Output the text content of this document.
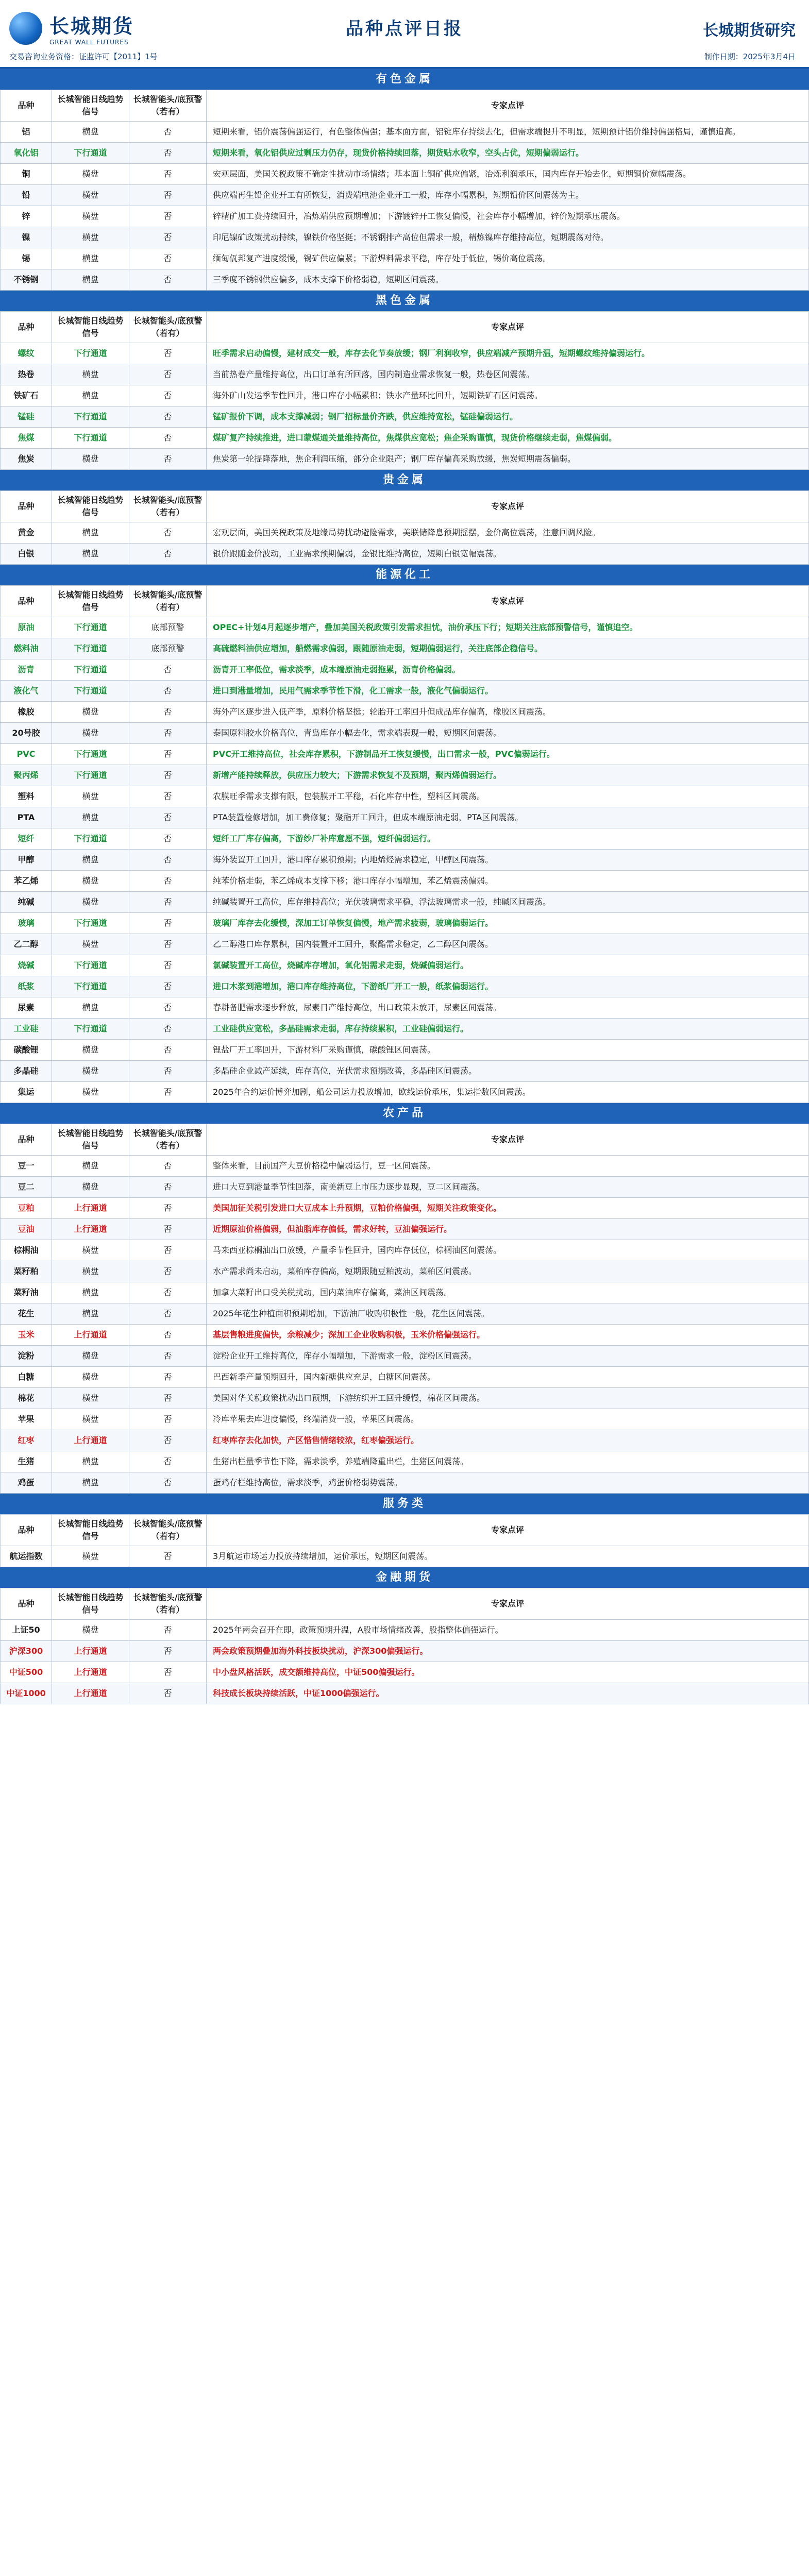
长城期货
GREAT WALL FUTURES
品种点评日报	长城期货研究
交易咨询业务资格：证监许可【2011】1号	制作日期：2025年3月4日
有色金属
品种	长城智能日线趋势信号	长城智能头/底预警（若有）	专家点评
铝	横盘	否	短期来看，铝价震荡偏强运行，有色整体偏强；基本面方面，铝锭库存持续去化，但需求端提升不明显，短期预计铝价维持偏强格局，谨慎追高。
氧化铝	下行通道	否	短期来看，氧化铝供应过剩压力仍存，现货价格持续回落，期货贴水收窄，空头占优，短期偏弱运行。
铜	横盘	否	宏观层面，美国关税政策不确定性扰动市场情绪；基本面上铜矿供应偏紧，冶炼利润承压，国内库存开始去化，短期铜价宽幅震荡。
铅	横盘	否	供应端再生铅企业开工有所恢复，消费端电池企业开工一般，库存小幅累积，短期铅价区间震荡为主。
锌	横盘	否	锌精矿加工费持续回升，冶炼端供应预期增加；下游镀锌开工恢复偏慢，社会库存小幅增加，锌价短期承压震荡。
镍	横盘	否	印尼镍矿政策扰动持续，镍铁价格坚挺；不锈钢排产高位但需求一般，精炼镍库存维持高位，短期震荡对待。
锡	横盘	否	缅甸佤邦复产进度缓慢，锡矿供应偏紧；下游焊料需求平稳，库存处于低位，锡价高位震荡。
不锈钢	横盘	否	三季度不锈钢供应偏多，成本支撑下价格弱稳，短期区间震荡。
黑色金属
品种	长城智能日线趋势信号	长城智能头/底预警（若有）	专家点评
螺纹	下行通道	否	旺季需求启动偏慢，建材成交一般，库存去化节奏放缓；钢厂利润收窄，供应端减产预期升温，短期螺纹维持偏弱运行。
热卷	横盘	否	当前热卷产量维持高位，出口订单有所回落，国内制造业需求恢复一般，热卷区间震荡。
铁矿石	横盘	否	海外矿山发运季节性回升，港口库存小幅累积；铁水产量环比回升，短期铁矿石区间震荡。
锰硅	下行通道	否	锰矿报价下调，成本支撑减弱；钢厂招标量价齐跌，供应维持宽松，锰硅偏弱运行。
焦煤	下行通道	否	煤矿复产持续推进，进口蒙煤通关量维持高位，焦煤供应宽松；焦企采购谨慎，现货价格继续走弱，焦煤偏弱。
焦炭	横盘	否	焦炭第一轮提降落地，焦企利润压缩，部分企业限产；钢厂库存偏高采购放缓，焦炭短期震荡偏弱。
贵金属
品种	长城智能日线趋势信号	长城智能头/底预警（若有）	专家点评
黄金	横盘	否	宏观层面，美国关税政策及地缘局势扰动避险需求，美联储降息预期摇摆，金价高位震荡，注意回调风险。
白银	横盘	否	银价跟随金价波动，工业需求预期偏弱，金银比维持高位，短期白银宽幅震荡。
能源化工
品种	长城智能日线趋势信号	长城智能头/底预警（若有）	专家点评
原油	下行通道	底部预警	OPEC+计划4月起逐步增产，叠加美国关税政策引发需求担忧，油价承压下行；短期关注底部预警信号，谨慎追空。
燃料油	下行通道	底部预警	高硫燃料油供应增加，船燃需求偏弱，跟随原油走弱，短期偏弱运行，关注底部企稳信号。
沥青	下行通道	否	沥青开工率低位，需求淡季，成本端原油走弱拖累，沥青价格偏弱。
液化气	下行通道	否	进口到港量增加，民用气需求季节性下滑，化工需求一般，液化气偏弱运行。
橡胶	横盘	否	海外产区逐步进入低产季，原料价格坚挺；轮胎开工率回升但成品库存偏高，橡胶区间震荡。
20号胶	横盘	否	泰国原料胶水价格高位，青岛库存小幅去化，需求端表现一般，短期区间震荡。
PVC	下行通道	否	PVC开工维持高位，社会库存累积，下游制品开工恢复缓慢，出口需求一般，PVC偏弱运行。
聚丙烯	下行通道	否	新增产能持续释放，供应压力较大；下游需求恢复不及预期，聚丙烯偏弱运行。
塑料	横盘	否	农膜旺季需求支撑有限，包装膜开工平稳，石化库存中性，塑料区间震荡。
PTA	横盘	否	PTA装置检修增加，加工费修复；聚酯开工回升，但成本端原油走弱，PTA区间震荡。
短纤	下行通道	否	短纤工厂库存偏高，下游纱厂补库意愿不强，短纤偏弱运行。
甲醇	横盘	否	海外装置开工回升，港口库存累积预期；内地烯烃需求稳定，甲醇区间震荡。
苯乙烯	横盘	否	纯苯价格走弱，苯乙烯成本支撑下移；港口库存小幅增加，苯乙烯震荡偏弱。
纯碱	横盘	否	纯碱装置开工高位，库存维持高位；光伏玻璃需求平稳，浮法玻璃需求一般，纯碱区间震荡。
玻璃	下行通道	否	玻璃厂库存去化缓慢，深加工订单恢复偏慢，地产需求疲弱，玻璃偏弱运行。
乙二醇	横盘	否	乙二醇港口库存累积，国内装置开工回升，聚酯需求稳定，乙二醇区间震荡。
烧碱	下行通道	否	氯碱装置开工高位，烧碱库存增加，氧化铝需求走弱，烧碱偏弱运行。
纸浆	下行通道	否	进口木浆到港增加，港口库存维持高位，下游纸厂开工一般，纸浆偏弱运行。
尿素	横盘	否	春耕备肥需求逐步释放，尿素日产维持高位，出口政策未放开，尿素区间震荡。
工业硅	下行通道	否	工业硅供应宽松，多晶硅需求走弱，库存持续累积，工业硅偏弱运行。
碳酸锂	横盘	否	锂盐厂开工率回升，下游材料厂采购谨慎，碳酸锂区间震荡。
多晶硅	横盘	否	多晶硅企业减产延续，库存高位，光伏需求预期改善，多晶硅区间震荡。
集运	横盘	否	2025年合约运价博弈加剧，船公司运力投放增加，欧线运价承压，集运指数区间震荡。
农产品
品种	长城智能日线趋势信号	长城智能头/底预警（若有）	专家点评
豆一	横盘	否	整体来看，目前国产大豆价格稳中偏弱运行，豆一区间震荡。
豆二	横盘	否	进口大豆到港量季节性回落，南美新豆上市压力逐步显现，豆二区间震荡。
豆粕	上行通道	否	美国加征关税引发进口大豆成本上升预期，豆粕价格偏强，短期关注政策变化。
豆油	上行通道	否	近期原油价格偏弱，但油脂库存偏低，需求好转，豆油偏强运行。
棕榈油	横盘	否	马来西亚棕榈油出口放缓，产量季节性回升，国内库存低位，棕榈油区间震荡。
菜籽粕	横盘	否	水产需求尚未启动，菜粕库存偏高，短期跟随豆粕波动，菜粕区间震荡。
菜籽油	横盘	否	加拿大菜籽出口受关税扰动，国内菜油库存偏高，菜油区间震荡。
花生	横盘	否	2025年花生种植面积预期增加，下游油厂收购积极性一般，花生区间震荡。
玉米	上行通道	否	基层售粮进度偏快，余粮减少；深加工企业收购积极，玉米价格偏强运行。
淀粉	横盘	否	淀粉企业开工维持高位，库存小幅增加，下游需求一般，淀粉区间震荡。
白糖	横盘	否	巴西新季产量预期回升，国内新糖供应充足，白糖区间震荡。
棉花	横盘	否	美国对华关税政策扰动出口预期，下游纺织开工回升缓慢，棉花区间震荡。
苹果	横盘	否	冷库苹果去库进度偏慢，终端消费一般，苹果区间震荡。
红枣	上行通道	否	红枣库存去化加快，产区惜售情绪较浓，红枣偏强运行。
生猪	横盘	否	生猪出栏量季节性下降，需求淡季，养殖端降重出栏，生猪区间震荡。
鸡蛋	横盘	否	蛋鸡存栏维持高位，需求淡季，鸡蛋价格弱势震荡。
服务类
品种	长城智能日线趋势信号	长城智能头/底预警（若有）	专家点评
航运指数	横盘	否	3月航运市场运力投放持续增加，运价承压，短期区间震荡。
金融期货
品种	长城智能日线趋势信号	长城智能头/底预警（若有）	专家点评
上证50	横盘	否	2025年两会召开在即，政策预期升温，A股市场情绪改善，股指整体偏强运行。
沪深300	上行通道	否	两会政策预期叠加海外科技板块扰动，沪深300偏强运行。
中证500	上行通道	否	中小盘风格活跃，成交额维持高位，中证500偏强运行。
中证1000	上行通道	否	科技成长板块持续活跃，中证1000偏强运行。
